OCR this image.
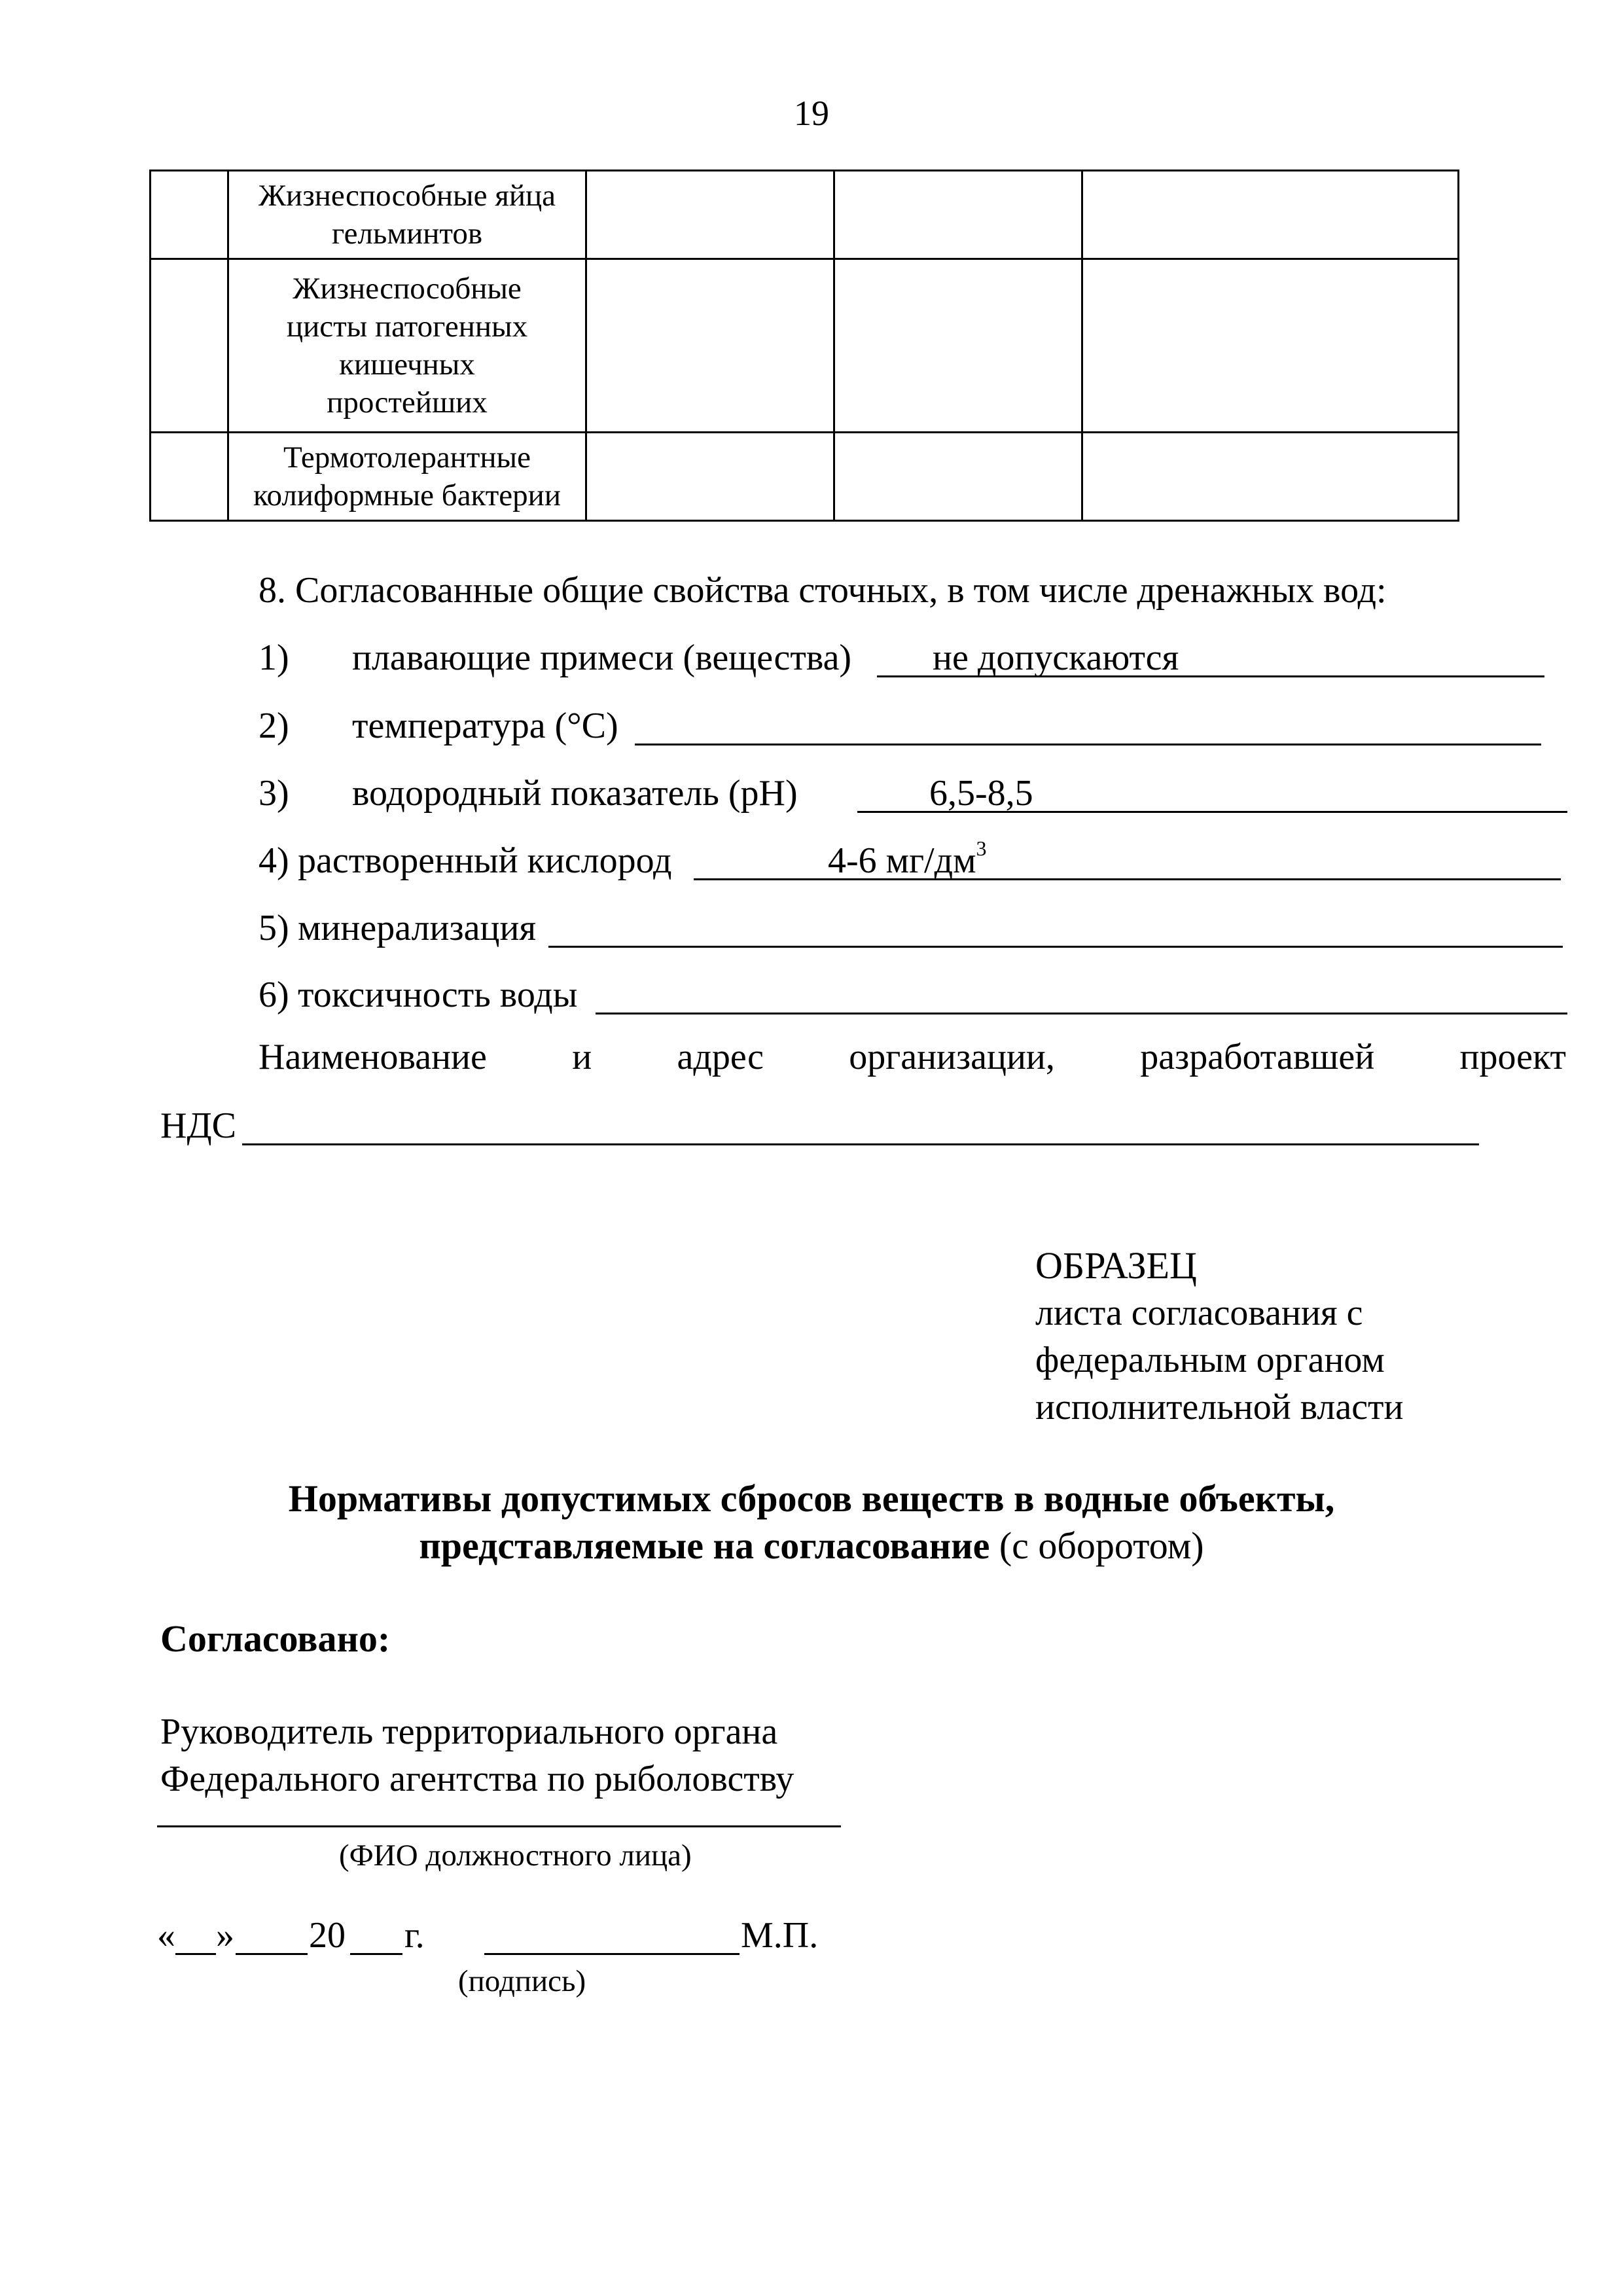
19
	Жизнеспособные яйца гельминтов			
	Жизнеспособные цисты патогенных кишечных простейших			
	Термотолерантные колиформные бактерии			
8. Согласованные общие свойства сточных, в том числе дренажных вод:
1) плавающие примеси (вещества) не допускаются
2) температура (°С)
3) водородный показатель (рН)	6,5-8,5
4) растворенный кислород	4-6 $мг/дм^3$
5) минерализация
6) токсичность воды
Наименование и адрес организации, разработавшей проект
НДС
ОБРАЗЕЦ
листа согласования с
федеральным органом
исполнительной власти
Нормативы допустимых сбросов веществ в водные объекты,
представляемые на согласование (с оборотом)
Согласовано:
Руководитель территориального органа
Федерального агентства по рыболовству
(ФИО должностного лица)
« » 20 г.	М.П.
(подпись)
